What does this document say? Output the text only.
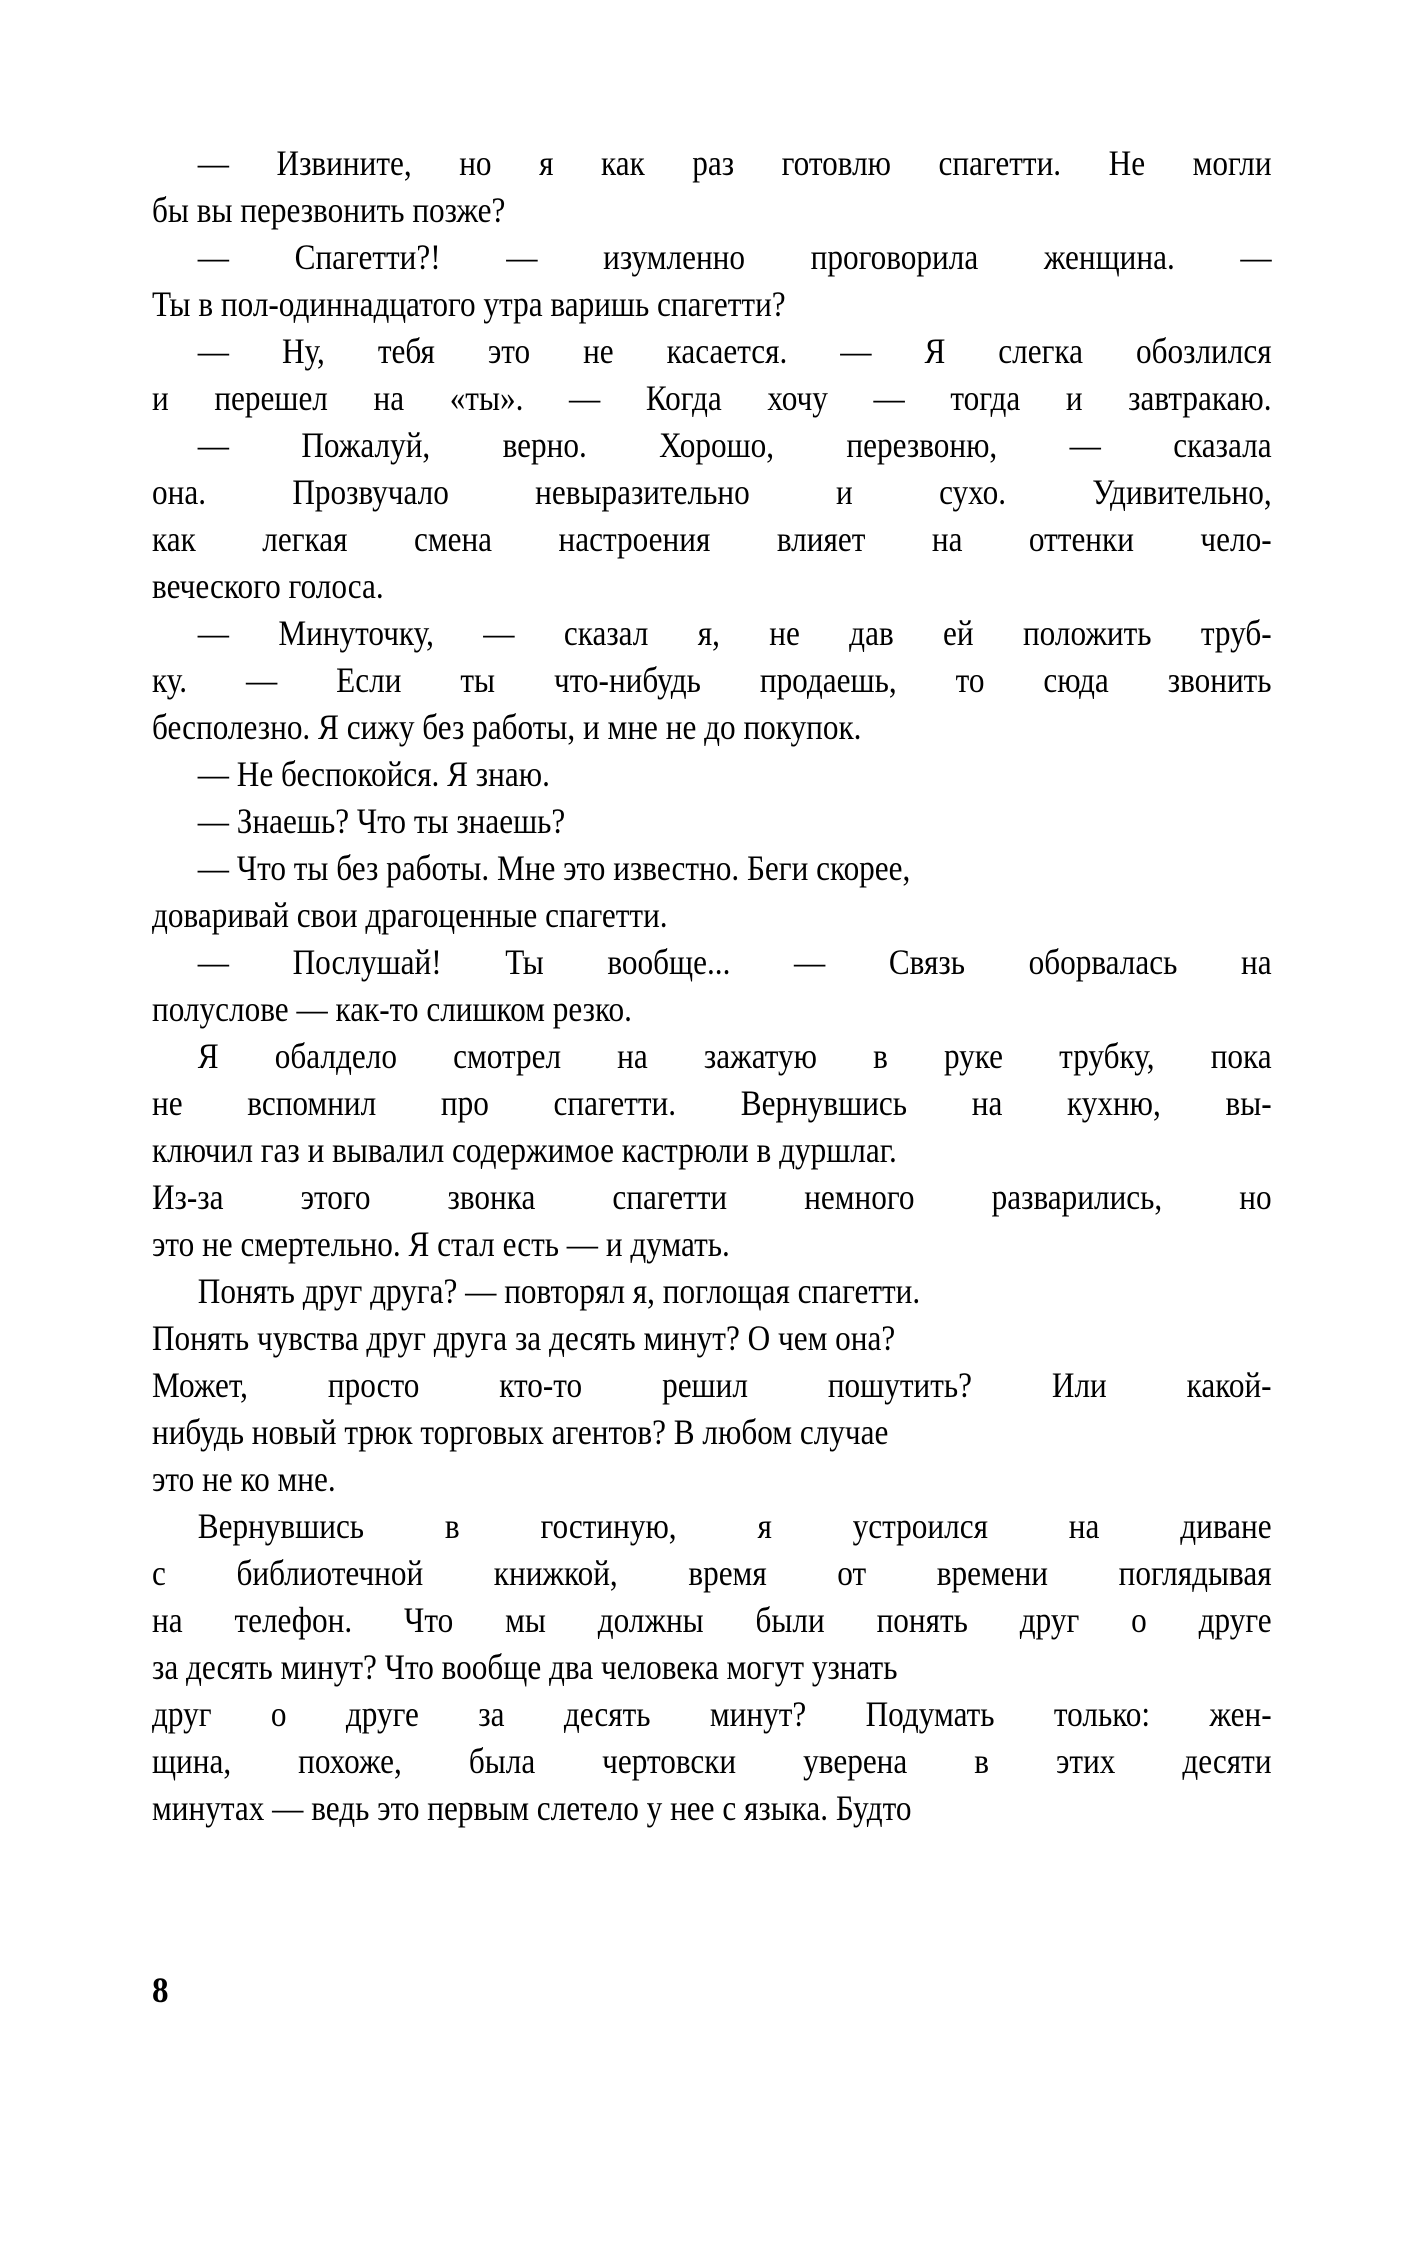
— Извините, но я как раз готовлю спагетти. Не могли
бы вы перезвонить позже?
— Спагетти?! — изумленно проговорила женщина. —
Ты в пол-одиннадцатого утра варишь спагетти?
— Ну, тебя это не касается. — Я слегка обозлился
и перешел на «ты». — Когда хочу — тогда и завтракаю.
— Пожалуй, верно. Хорошо, перезвоню, — сказала
она. Прозвучало невыразительно и сухо. Удивительно,
как легкая смена настроения влияет на оттенки чело-
веческого голоса.
— Минуточку, — сказал я, не дав ей положить труб-
ку. — Если ты что-нибудь продаешь, то сюда звонить
бесполезно. Я сижу без работы, и мне не до покупок.
— Не беспокойся. Я знаю.
— Знаешь? Что ты знаешь?
— Что ты без работы. Мне это известно. Беги скорее,
доваривай свои драгоценные спагетти.
— Послушай! Ты вообще... — Связь оборвалась на
полуслове — как-то слишком резко.
Я обалдело смотрел на зажатую в руке трубку, пока
не вспомнил про спагетти. Вернувшись на кухню, вы-
ключил газ и вывалил содержимое кастрюли в дуршлаг.
Из-за этого звонка спагетти немного разварились, но
это не смертельно. Я стал есть — и думать.
Понять друг друга? — повторял я, поглощая спагетти.
Понять чувства друг друга за десять минут? О чем она?
Может, просто кто-то решил пошутить? Или какой-
нибудь новый трюк торговых агентов? В любом случае
это не ко мне.
Вернувшись в гостиную, я устроился на диване
с библиотечной книжкой, время от времени поглядывая
на телефон. Что мы должны были понять друг о друге
за десять минут? Что вообще два человека могут узнать
друг о друге за десять минут? Подумать только: жен-
щина, похоже, была чертовски уверена в этих десяти
минутах — ведь это первым слетело у нее с языка. Будто
8
